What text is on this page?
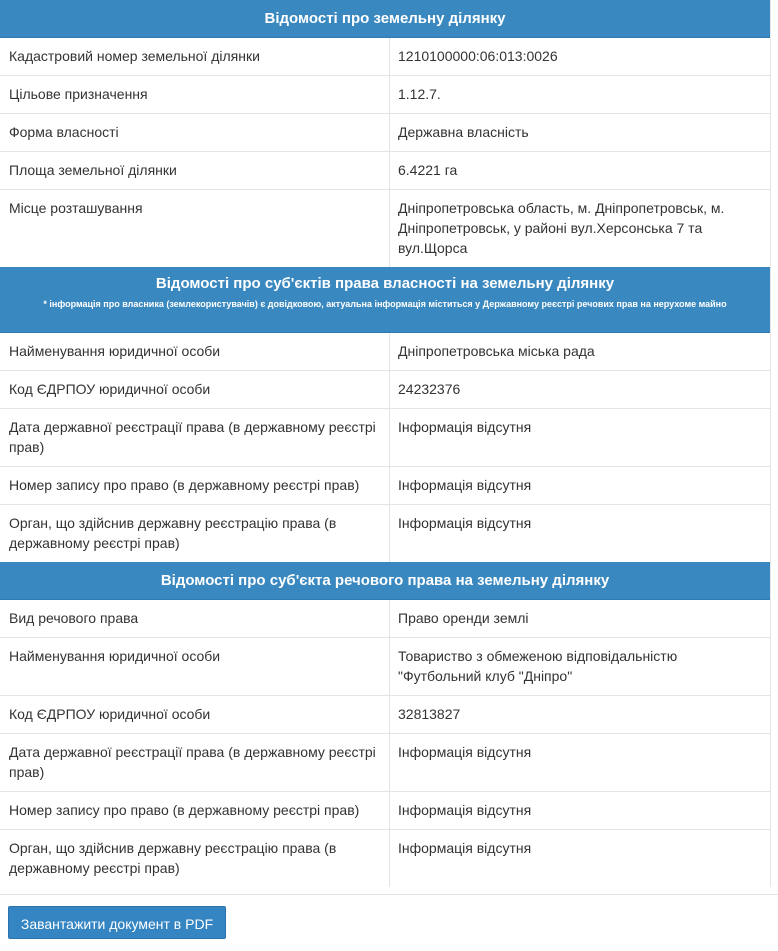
Відомості про земельну ділянку
Кадастровий номер земельної ділянки	1210100000:06:013:0026
Цільове призначення	1.12.7.
Форма власності	Державна власність
Площа земельної ділянки	6.4221 га
Місце розташування	Дніпропетровська область, м. Дніпропетровськ, м. Дніпропетровськ, у районі вул.Херсонська 7 та вул.Щорса
Відомості про суб'єктів права власності на земельну ділянку
* інформація про власника (землекористувачів) є довідковою, актуальна інформація міститься у Державному реєстрі речових прав на нерухоме майно
Найменування юридичної особи	Дніпропетровська міська рада
Код ЄДРПОУ юридичної особи	24232376
Дата державної реєстрації права (в державному реєстрі прав)	Інформація відсутня
Номер запису про право (в державному реєстрі прав)	Інформація відсутня
Орган, що здійснив державну реєстрацію права (в державному реєстрі прав)	Інформація відсутня
Відомості про суб'єкта речового права на земельну ділянку
Вид речового права	Право оренди землі
Найменування юридичної особи	Товариство з обмеженою відповідальністю "Футбольний клуб "Дніпро"
Код ЄДРПОУ юридичної особи	32813827
Дата державної реєстрації права (в державному реєстрі прав)	Інформація відсутня
Номер запису про право (в державному реєстрі прав)	Інформація відсутня
Орган, що здійснив державну реєстрацію права (в державному реєстрі прав)	Інформація відсутня
Завантажити документ в PDF
